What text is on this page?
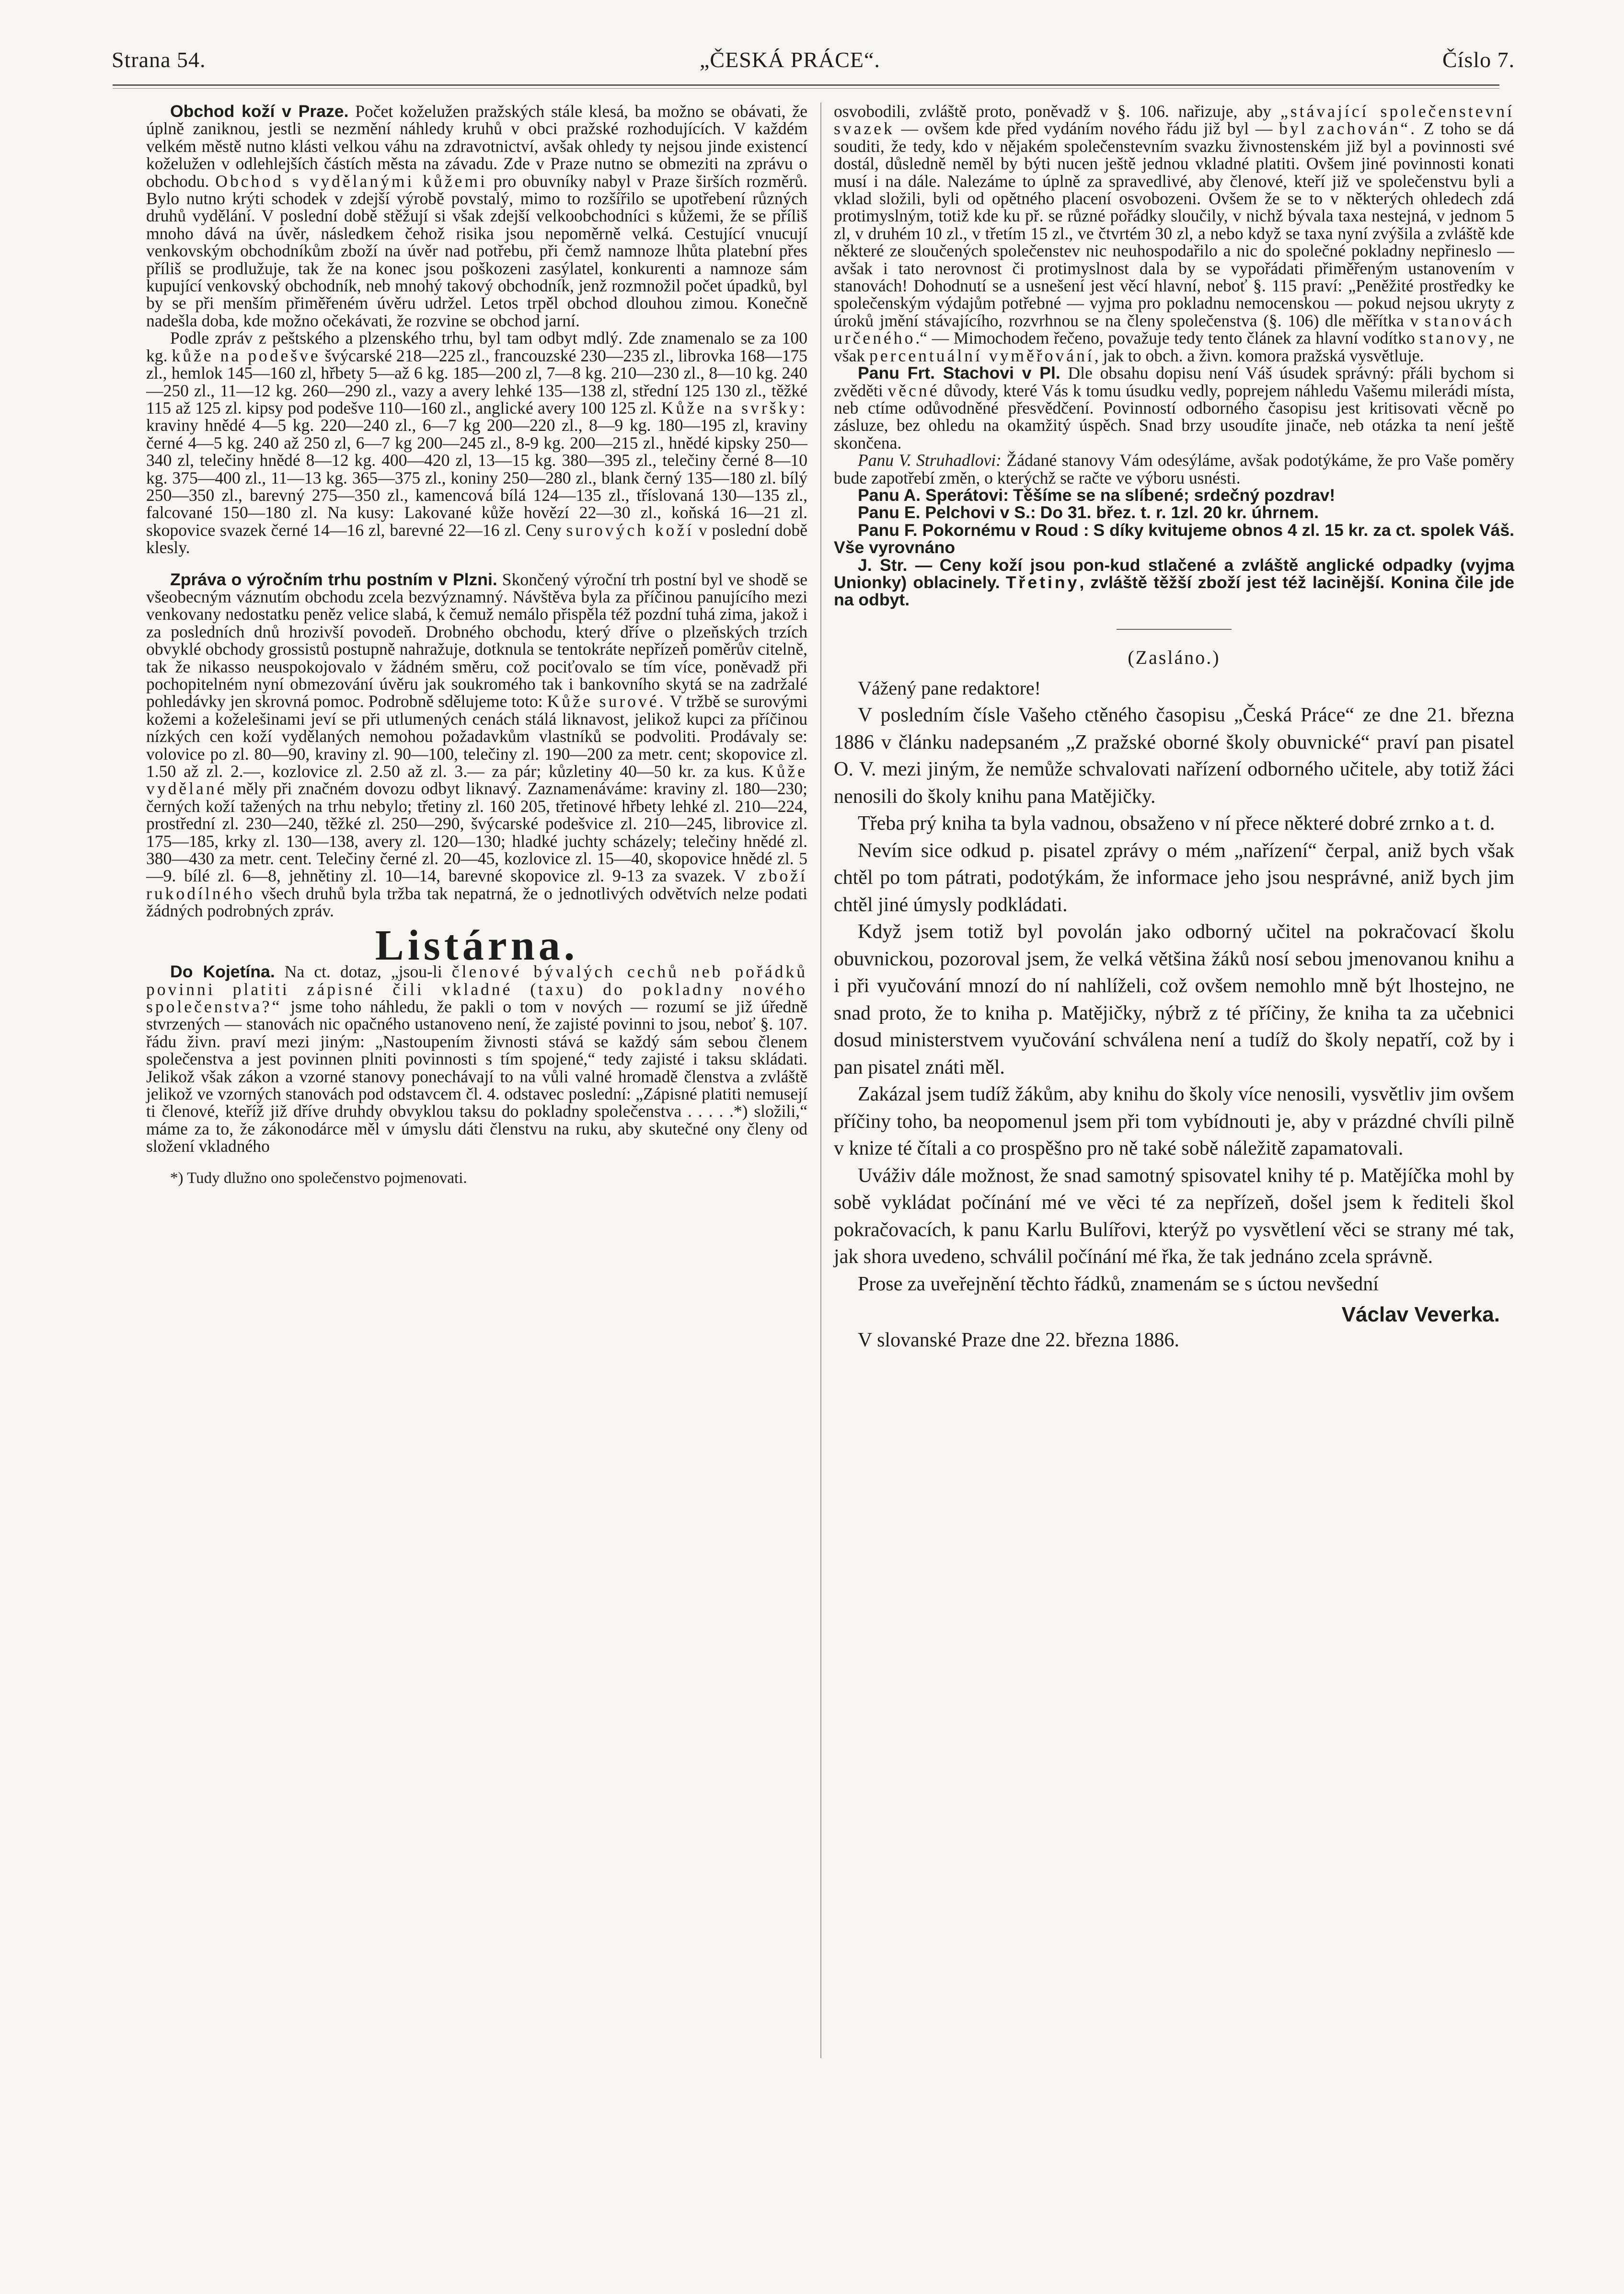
Strana 54.	„ČESKÁ PRÁCE“.	Číslo 7.

Obchod koží v Praze. Počet koželužen pražských stále klesá, ba možno se obávati, že úplně zaniknou, jestli se nezmění náhledy kruhů v obci pražské rozhodujících. V každém velkém městě nutno klásti velkou váhu na zdravotnictví, avšak ohledy ty nejsou jinde existencí koželužen v odlehlejších částích města na závadu. Zde v Praze nutno se obmeziti na zprávu o obchodu. Obchod s vydělanými kůžemi pro obuvníky nabyl v Praze širších rozměrů. Bylo nutno krýti schodek v zdejší výrobě povstalý, mimo to rozšířilo se upotřebení různých druhů vydělání. V poslední době stěžují si však zdejší velkoobchodníci s kůžemi, že se příliš mnoho dává na úvěr, následkem čehož risika jsou nepoměrně velká. Cestující vnucují venkovským obchodníkům zboží na úvěr nad potřebu, při čemž namnoze lhůta platební přes příliš se prodlužuje, tak že na konec jsou poškozeni zasýlatel, konkurenti a namnoze sám kupující venkovský obchodník, neb mnohý takový obchodník, jenž rozmnožil počet úpadků, byl by se při menším přiměřeném úvěru udržel. Letos trpěl obchod dlouhou zimou. Konečně nadešla doba, kde možno očekávati, že rozvine se obchod jarní.

Podle zpráv z peštského a plzenského trhu, byl tam odbyt mdlý. Zde znamenalo se za 100 kg. kůže na podešve švýcarské 218—225 zl., francouzské 230—235 zl., librovka 168—175 zl., hemlok 145—160 zl, hřbety 5—až 6 kg. 185—200 zl, 7—8 kg. 210—230 zl., 8—10 kg. 240—250 zl., 11—12 kg. 260—290 zl., vazy a avery lehké 135—138 zl, střední 125 130 zl., těžké 115 až 125 zl. kipsy pod podešve 110—160 zl., anglické avery 100 125 zl. Kůže na svršky: kraviny hnědé 4—5 kg. 220—240 zl., 6—7 kg 200—220 zl., 8—9 kg. 180—195 zl, kraviny černé 4—5 kg. 240 až 250 zl, 6—7 kg 200—245 zl., 8-9 kg. 200—215 zl., hnědé kipsky 250—340 zl, telečiny hnědé 8—12 kg. 400—420 zl, 13—15 kg. 380—395 zl., telečiny černé 8—10 kg. 375—400 zl., 11—13 kg. 365—375 zl., koniny 250—280 zl., blank černý 135—180 zl. bílý 250—350 zl., barevný 275—350 zl., kamencová bílá 124—135 zl., tříslovaná 130—135 zl., falcované 150—180 zl. Na kusy: Lakované kůže hovězí 22—30 zl., koňská 16—21 zl. skopovice svazek černé 14—16 zl, barevné 22—16 zl. Ceny surových koží v poslední době klesly.

Zpráva o výročním trhu postním v Plzni. Skončený výroční trh postní byl ve shodě se všeobecným váznutím obchodu zcela bezvýznamný. Návštěva byla za příčinou panujícího mezi venkovany nedostatku peněz velice slabá, k čemuž nemálo přispěla též pozdní tuhá zima, jakož i za posledních dnů hrozivší povodeň. Drobného obchodu, který dříve o plzeňských trzích obvyklé obchody grossistů postupně nahražuje, dotknula se tentokráte nepřízeň poměrův citelně, tak že nikasso neuspokojovalo v žádném směru, což pociťovalo se tím více, poněvadž při pochopitelném nyní obmezování úvěru jak soukromého tak i bankovního skytá se na zadržalé pohledávky jen skrovná pomoc. Podrobně sdělujeme toto: Kůže surové. V tržbě se surovými kožemi a koželešinami jeví se při utlumených cenách stálá liknavost, jelikož kupci za příčinou nízkých cen koží vydělaných nemohou požadavkům vlastníků se podvoliti. Prodávaly se: volovice po zl. 80—90, kraviny zl. 90—100, telečiny zl. 190—200 za metr. cent; skopovice zl. 1.50 až zl. 2.—, kozlovice zl. 2.50 až zl. 3.— za pár; kůzletiny 40—50 kr. za kus. Kůže vydělané měly při značném dovozu odbyt liknavý. Zaznamenáváme: kraviny zl. 180—230; černých koží tažených na trhu nebylo; třetiny zl. 160 205, třetinové hřbety lehké zl. 210—224, prostřední zl. 230—240, těžké zl. 250—290, švýcarské podešvice zl. 210—245, librovice zl. 175—185, krky zl. 130—138, avery zl. 120—130; hladké juchty scházely; telečiny hnědé zl. 380—430 za metr. cent. Telečiny černé zl. 20—45, kozlovice zl. 15—40, skopovice hnědé zl. 5—9. bílé zl. 6—8, jehnětiny zl. 10—14, barevné skopovice zl. 9-13 za svazek. V zboží rukodílného všech druhů byla tržba tak nepatrná, že o jednotlivých odvětvích nelze podati žádných podrobných zpráv.

Listárna.

Do Kojetína. Na ct. dotaz, „jsou-li členové bývalých cechů neb pořádků povinni platiti zápisné čili vkladné (taxu) do pokladny nového společenstva?“ jsme toho náhledu, že pakli o tom v nových — rozumí se již úředně stvrzených — stanovách nic opačného ustanoveno není, že zajisté povinni to jsou, neboť §. 107. řádu živn. praví mezi jiným: „Nastoupením živnosti stává se každý sám sebou členem společenstva a jest povinnen plniti povinnosti s tím spojené,“ tedy zajisté i taksu skládati. Jelikož však zákon a vzorné stanovy ponechávají to na vůli valné hromadě členstva a zvláště jelikož ve vzorných stanovách pod odstavcem čl. 4. odstavec poslední: „Zápisné platiti nemusejí ti členové, kteříž již dříve druhdy obvyklou taksu do pokladny společenstva . . . . .*) složili,“ máme za to, že zákonodárce měl v úmyslu dáti členstvu na ruku, aby skutečné ony členy od složení vkladného

*) Tudy dlužno ono společenstvo pojmenovati.

osvobodili, zvláště proto, poněvadž v §. 106. nařizuje, aby „stávající společenstevní svazek — ovšem kde před vydáním nového řádu již byl — byl zachován“. Z toho se dá souditi, že tedy, kdo v nějakém společenstevním svazku živnostenském již byl a povinnosti své dostál, důsledně neměl by býti nucen ještě jednou vkladné platiti. Ovšem jiné povinnosti konati musí i na dále. Nalezáme to úplně za spravedlivé, aby členové, kteří již ve společenstvu byli a vklad složili, byli od opětného placení osvobozeni. Ovšem že se to v některých ohledech zdá protimyslným, totiž kde ku př. se různé pořádky sloučily, v nichž bývala taxa nestejná, v jednom 5 zl, v druhém 10 zl., v třetím 15 zl., ve čtvrtém 30 zl, a nebo když se taxa nyní zvýšila a zvláště kde některé ze sloučených společenstev nic neuhospodařilo a nic do společné pokladny nepřineslo — avšak i tato nerovnost či protimyslnost dala by se vypořádati přiměřeným ustanovením v stanovách! Dohodnutí se a usnešení jest věcí hlavní, neboť §. 115 praví: „Peněžité prostředky ke společenským výdajům potřebné — vyjma pro pokladnu nemocenskou — pokud nejsou ukryty z úroků jmění stávajícího, rozvrhnou se na členy společenstva (§. 106) dle měřítka v stanovách určeného.“ — Mimochodem řečeno, považuje tedy tento článek za hlavní vodítko stanovy, ne však percentuální vyměřování, jak to obch. a živn. komora pražská vysvětluje.

Panu Frt. Stachovi v Pl. Dle obsahu dopisu není Váš úsudek správný: přáli bychom si zvěděti věcné důvody, které Vás k tomu úsudku vedly, poprejem náhledu Vašemu milerádi místa, neb ctíme odůvodněné přesvědčení. Povinností odborného časopisu jest kritisovati věcně po zásluze, bez ohledu na okamžitý úspěch. Snad brzy usoudíte jinače, neb otázka ta není ještě skončena.

Panu V. Struhadlovi: Žádané stanovy Vám odesýláme, avšak podotýkáme, že pro Vaše poměry bude zapotřebí změn, o kterýchž se račte ve výboru usnésti.

Panu A. Sperátovi: Těšíme se na slíbené; srdečný pozdrav!

Panu E. Pelchovi v S.: Do 31. břez. t. r. 1zl. 20 kr. úhrnem.

Panu F. Pokornému v Roud : S díky kvitujeme obnos 4 zl. 15 kr. za ct. spolek Váš. Vše vyrovnáno

J. Str. — Ceny koží jsou pon-kud stlačené a zvláště anglické odpadky (vyjma Unionky) oblacinely. Třetiny, zvláště těžší zboží jest též lacinější. Konina čile jde na odbyt.

(Zasláno.)

Vážený pane redaktore!

V posledním čísle Vašeho ctěného časopisu „Česká Práce“ ze dne 21. března 1886 v článku nadepsaném „Z pražské oborné školy obuvnické“ praví pan pisatel O. V. mezi jiným, že nemůže schvalovati nařízení odborného učitele, aby totiž žáci nenosili do školy knihu pana Matějičky.

Třeba prý kniha ta byla vadnou, obsaženo v ní přece některé dobré zrnko a t. d.

Nevím sice odkud p. pisatel zprávy o mém „nařízení“ čerpal, aniž bych však chtěl po tom pátrati, podotýkám, že informace jeho jsou nesprávné, aniž bych jim chtěl jiné úmysly podkládati.

Když jsem totiž byl povolán jako odborný učitel na pokračovací školu obuvnickou, pozoroval jsem, že velká většina žáků nosí sebou jmenovanou knihu a i při vyučování mnozí do ní nahlíželi, což ovšem nemohlo mně být lhostejno, ne snad proto, že to kniha p. Matějičky, nýbrž z té příčiny, že kniha ta za učebnici dosud ministerstvem vyučování schválena není a tudíž do školy nepatří, což by i pan pisatel znáti měl.

Zakázal jsem tudíž žákům, aby knihu do školy více nenosili, vysvětliv jim ovšem příčiny toho, ba neopomenul jsem při tom vybídnouti je, aby v prázdné chvíli pilně v knize té čítali a co prospěšno pro ně také sobě náležitě zapamatovali.

Uváživ dále možnost, že snad samotný spisovatel knihy té p. Matějíčka mohl by sobě vykládat počínání mé ve věci té za nepřízeň, došel jsem k řediteli škol pokračovacích, k panu Karlu Bulířovi, kterýž po vysvětlení věci se strany mé tak, jak shora uvedeno, schválil počínání mé řka, že tak jednáno zcela správně.

Prose za uveřejnění těchto řádků, znamenám se s úctou nevšední

Václav Veverka.

V slovanské Praze dne 22. března 1886.
